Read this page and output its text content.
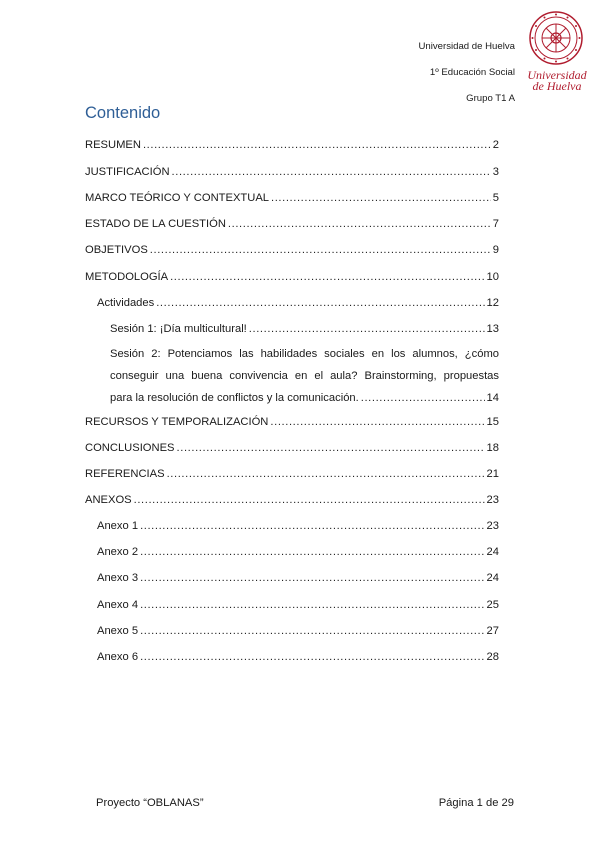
Universidad de Huelva
1º Educación Social
Grupo T1 A
Universidad
de Huelva
Contenido
RESUMEN .....	2
JUSTIFICACIÓN .....	3
MARCO TEÓRICO Y CONTEXTUAL .....	5
ESTADO DE LA CUESTIÓN .....	7
OBJETIVOS .....	9
METODOLOGÍA .....	10
Actividades .....	12
Sesión 1: ¡Día multicultural! .....	13
Sesión 2: Potenciamos las habilidades sociales en los alumnos, ¿cómo
conseguir una buena convivencia en el aula? Brainstorming, propuestas
para la resolución de conflictos y la comunicación. .....	14
RECURSOS Y TEMPORALIZACIÓN .....	15
CONCLUSIONES .....	18
REFERENCIAS .....	21
ANEXOS .....	23
Anexo 1 .....	23
Anexo 2 .....	24
Anexo 3 .....	24
Anexo 4 .....	25
Anexo 5 .....	27
Anexo 6 .....	28
Proyecto “OBLANAS”	Página 1 de 29
